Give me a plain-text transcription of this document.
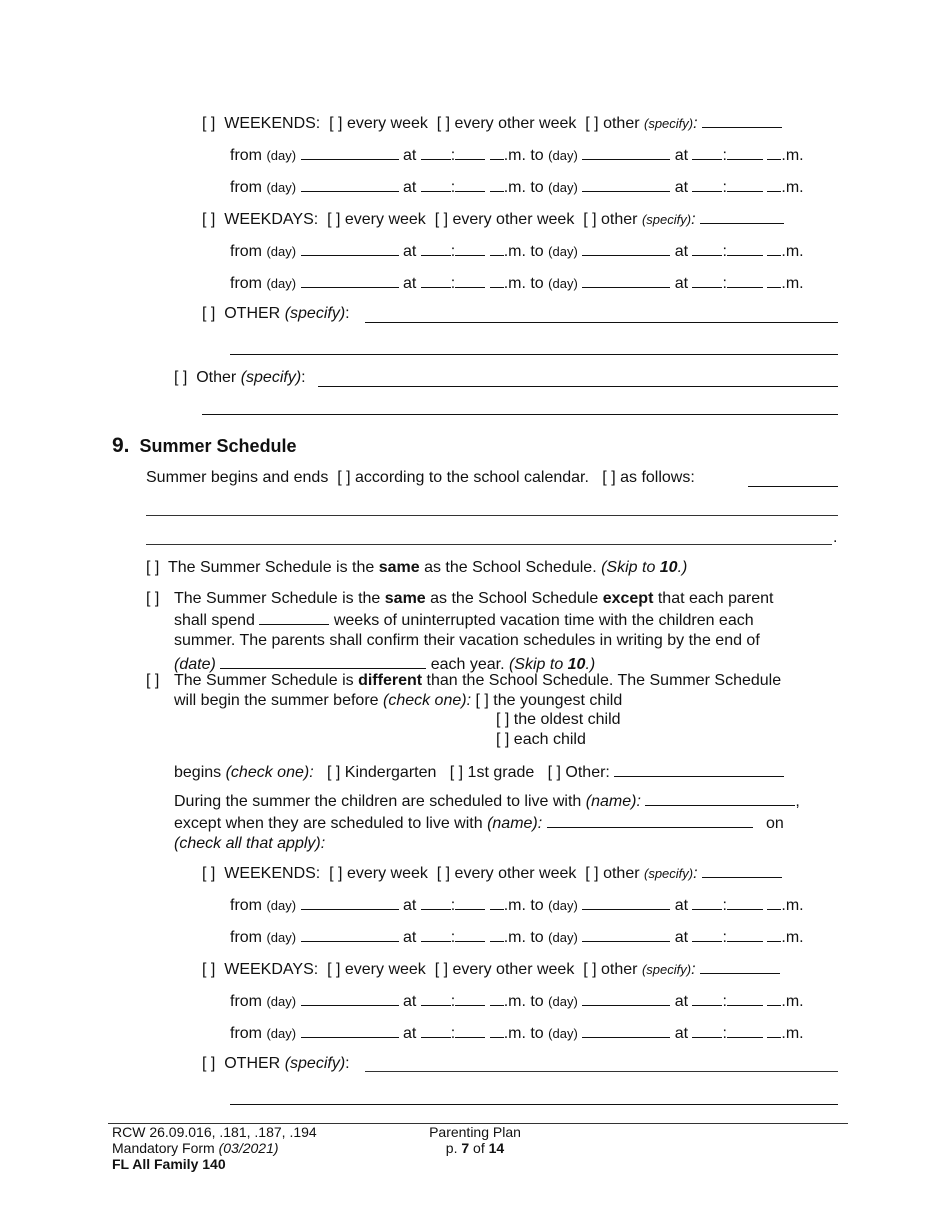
[ ] WEEKENDS: [ ] every week [ ] every other week [ ] other (specify):
from (day)	at :	.m. to (day)	at :	.m.
from (day)	at :	.m. to (day)	at :	.m.
[ ] WEEKDAYS: [ ] every week [ ] every other week [ ] other (specify):
from (day)	at :	.m. to (day)	at :	.m.
from (day)	at :	.m. to (day)	at :	.m.
[ ] OTHER (specify):
[ ] Other (specify):
9. Summer Schedule
Summer begins and ends [ ] according to the school calendar. [ ] as follows:
.
[ ] The Summer Schedule is the same as the School Schedule. (Skip to 10.)
[ ] The Summer Schedule is the same as the School Schedule except that each parent
shall spend	weeks of uninterrupted vacation time with the children each
summer. The parents shall confirm their vacation schedules in writing by the end of
(date)	each year. (Skip to 10.)
[ ] The Summer Schedule is different than the School Schedule. The Summer Schedule
will begin the summer before (check one): [ ] the youngest child
[ ] the oldest child
[ ] each child
begins (check one): [ ] Kindergarten [ ] 1st grade [ ] Other:
During the summer the children are scheduled to live with (name):	,
except when they are scheduled to live with (name):	on
(check all that apply):
[ ] WEEKENDS: [ ] every week [ ] every other week [ ] other (specify):
from (day)	at :	.m. to (day)	at :	.m.
from (day)	at :	.m. to (day)	at :	.m.
[ ] WEEKDAYS: [ ] every week [ ] every other week [ ] other (specify):
from (day)	at :	.m. to (day)	at :	.m.
from (day)	at :	.m. to (day)	at :	.m.
[ ] OTHER (specify):
RCW 26.09.016, .181, .187, .194
Mandatory Form (03/2021)
FL All Family 140
Parenting Plan
p. 7 of 14
